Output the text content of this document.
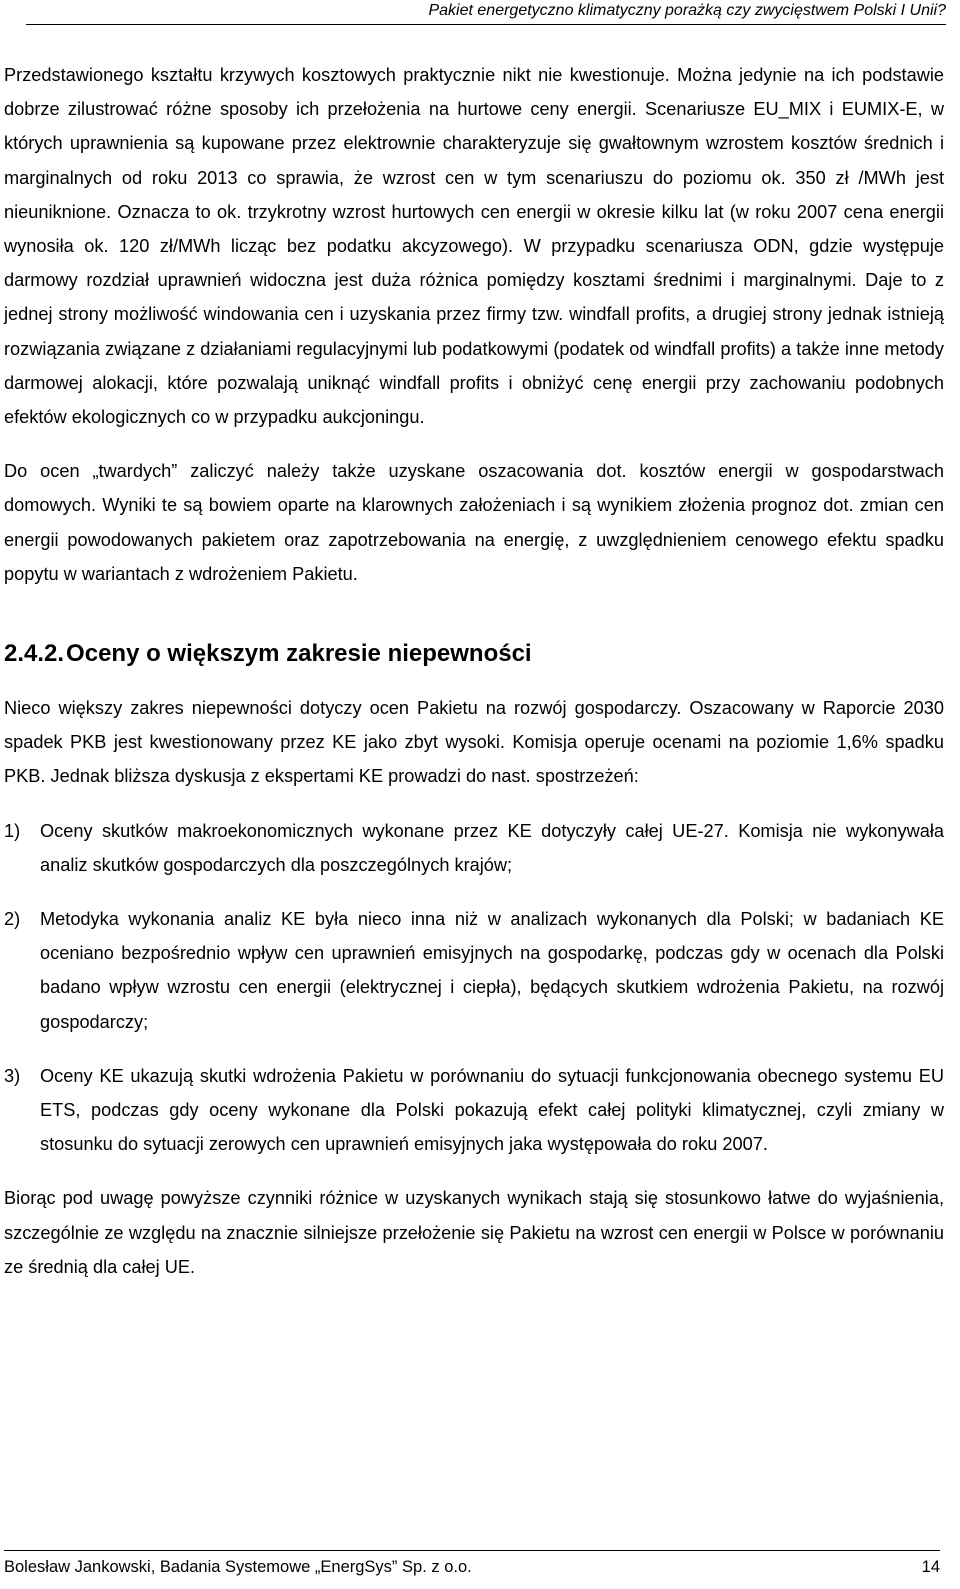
Pakiet energetyczno klimatyczny porażką czy zwycięstwem Polski I Unii?

Przedstawionego kształtu krzywych kosztowych praktycznie nikt nie kwestionuje. Można jedynie na ich podstawie dobrze zilustrować różne sposoby ich przełożenia na hurtowe ceny energii. Scenariusze EU_MIX i EUMIX-E, w których uprawnienia są kupowane przez elektrownie charakteryzuje się gwałtownym wzrostem kosztów średnich i marginalnych od roku 2013 co sprawia, że wzrost cen w tym scenariuszu do poziomu ok. 350 zł /MWh jest nieuniknione. Oznacza to ok. trzykrotny wzrost hurtowych cen energii w okresie kilku lat (w roku 2007 cena energii wynosiła ok. 120 zł/MWh licząc bez podatku akcyzowego). W przypadku scenariusza ODN, gdzie występuje darmowy rozdział uprawnień widoczna jest duża różnica pomiędzy kosztami średnimi i marginalnymi. Daje to z jednej strony możliwość windowania cen i uzyskania przez firmy tzw. windfall profits, a drugiej strony jednak istnieją rozwiązania związane z działaniami regulacyjnymi lub podatkowymi (podatek od windfall profits) a także inne metody darmowej alokacji, które pozwalają uniknąć windfall profits i obniżyć cenę energii przy zachowaniu podobnych efektów ekologicznych co w przypadku aukcjoningu.

Do ocen „twardych” zaliczyć należy także uzyskane oszacowania dot. kosztów energii w gospodarstwach domowych. Wyniki te są bowiem oparte na klarownych założeniach i są wynikiem złożenia prognoz dot. zmian cen energii powodowanych pakietem oraz zapotrzebowania na energię, z uwzględnieniem cenowego efektu spadku popytu w wariantach z wdrożeniem Pakietu.

2.4.2.Oceny o większym zakresie niepewności

Nieco większy zakres niepewności dotyczy ocen Pakietu na rozwój gospodarczy. Oszacowany w Raporcie 2030 spadek PKB jest kwestionowany przez KE jako zbyt wysoki. Komisja operuje ocenami na poziomie 1,6% spadku PKB. Jednak bliższa dyskusja z ekspertami KE prowadzi do nast. spostrzeżeń:

1)	Oceny skutków makroekonomicznych wykonane przez KE dotyczyły całej UE-27. Komisja nie wykonywała analiz skutków gospodarczych dla poszczególnych krajów;
2)	Metodyka wykonania analiz KE była nieco inna niż w analizach wykonanych dla Polski; w badaniach KE oceniano bezpośrednio wpływ cen uprawnień emisyjnych na gospodarkę, podczas gdy w ocenach dla Polski badano wpływ wzrostu cen energii (elektrycznej i ciepła), będących skutkiem wdrożenia Pakietu, na rozwój gospodarczy;
3)	Oceny KE ukazują skutki wdrożenia Pakietu w porównaniu do sytuacji funkcjonowania obecnego systemu EU ETS, podczas gdy oceny wykonane dla Polski pokazują efekt całej polityki klimatycznej, czyli zmiany w stosunku do sytuacji zerowych cen uprawnień emisyjnych jaka występowała do roku 2007.

Biorąc pod uwagę powyższe czynniki różnice w uzyskanych wynikach stają się stosunkowo łatwe do wyjaśnienia, szczególnie ze względu na znacznie silniejsze przełożenie się Pakietu na wzrost cen energii w Polsce w porównaniu ze średnią dla całej UE.

Bolesław Jankowski, Badania Systemowe „EnergSys” Sp. z o.o.	14
